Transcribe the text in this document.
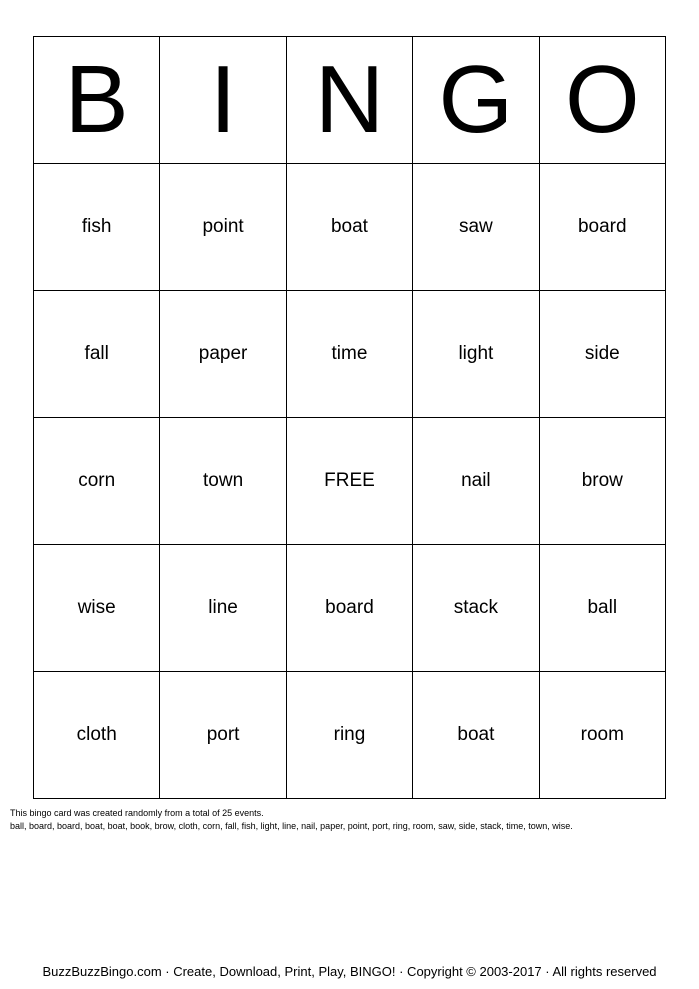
B	I	N	G	O
fish	point	boat	saw	board
fall	paper	time	light	side
corn	town	FREE	nail	brow
wise	line	board	stack	ball
cloth	port	ring	boat	room
This bingo card was created randomly from a total of 25 events.
ball, board, board, boat, boat, book, brow, cloth, corn, fall, fish, light, line, nail, paper, point, port, ring, room, saw, side, stack, time, town, wise.
BuzzBuzzBingo.com · Create, Download, Print, Play, BINGO! · Copyright © 2003-2017 · All rights reserved
